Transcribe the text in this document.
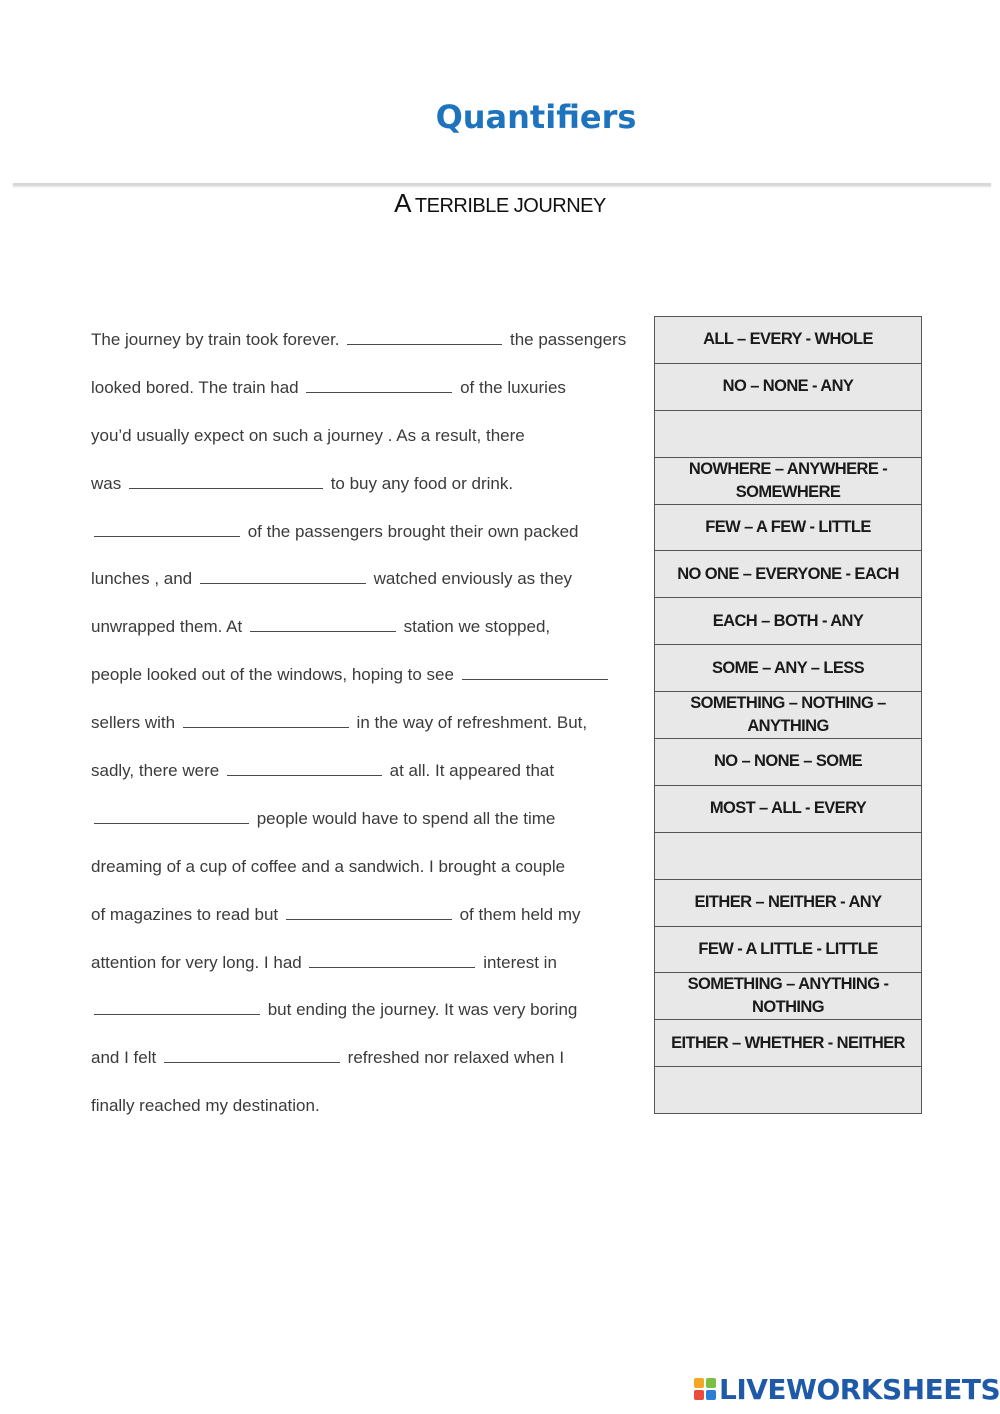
Quantifiers
A TERRIBLE JOURNEY
The journey by train took forever.	the passengers
looked bored. The train had	of the luxuries
you’d usually expect on such a journey . As a result, there
was	to buy any food or drink.
of the passengers brought their own packed
lunches , and	watched enviously as they
unwrapped them. At	station we stopped,
people looked out of the windows, hoping to see
sellers with	in the way of refreshment. But,
sadly, there were	at all. It appeared that
people would have to spend all the time
dreaming of a cup of coffee and a sandwich. I brought a couple
of magazines to read but	of them held my
attention for very long. I had	interest in
but ending the journey. It was very boring
and I felt	refreshed nor relaxed when I
finally reached my destination.
ALL – EVERY - WHOLE
NO – NONE - ANY
NOWHERE – ANYWHERE - SOMEWHERE
FEW – A FEW - LITTLE
NO ONE – EVERYONE - EACH
EACH – BOTH - ANY
SOME – ANY – LESS
SOMETHING – NOTHING – ANYTHING
NO – NONE – SOME
MOST – ALL - EVERY
EITHER – NEITHER - ANY
FEW - A LITTLE - LITTLE
SOMETHING – ANYTHING - NOTHING
EITHER – WHETHER - NEITHER
LIVEWORKSHEETS
